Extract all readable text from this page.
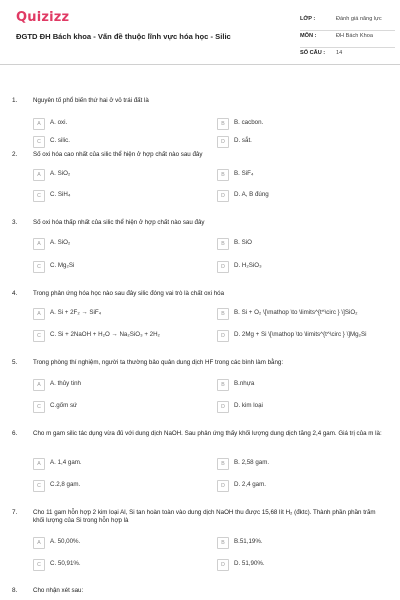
Quizizz
ĐGTD ĐH Bách khoa - Vấn đề thuộc lĩnh vực hóa học - Silic
LỚP :	Đánh giá năng lực
MÔN :	ĐH Bách Khoa
SỐ CÂU : 14
1.	Nguyên tố phổ biến thứ hai ở vỏ trái đất là
A	A. oxi.	B	B. cacbon.
C	C. silic.	D	D. sắt.
2.	Số oxi hóa cao nhất của silic thể hiện ở hợp chất nào sau đây
A	A. SiO₂	B	B. SiF₄
C	C. SiH₄	D	D. A, B đúng
3.	Số oxi hóa thấp nhất của silic thể hiện ở hợp chất nào sau đây
A	A. SiO₂	B	B. SiO
C	C. Mg₂Si	D	D. H₂SiO₃
4.	Trong phản ứng hóa học nào sau đây silic đóng vai trò là chất oxi hóa
A	A. Si + 2F₂ → SiF₄	B	B. Si + O₂ \[\mathop \to \limits^{t^\circ } \]SiO₂
C	C. Si + 2NaOH + H₂O → Na₂SiO₃ + 2H₂	D	D. 2Mg + Si \[\mathop \to \limits^{t^\circ } \]Mg₂Si
5.	Trong phòng thí nghiệm, người ta thường bảo quản dung dịch HF trong các bình làm bằng:
A	A. thủy tinh	B	B.nhựa
C	C.gốm sứ	D	D. kim loại
6.	Cho m gam silic tác dụng vừa đủ với dung dịch NaOH. Sau phản ứng thấy khối lượng dung dịch tăng 2,4 gam. Giá trị của m là:
A	A. 1,4 gam.	B	B. 2,58 gam.
C	C.2,8 gam.	D	D. 2,4 gam.
7.	Cho 11 gam hỗn hợp 2 kim loại Al, Si tan hoàn toàn vào dung dịch NaOH thu được 15,68 lít H₂ (đktc). Thành phần phần trăm khối lượng của Si trong hỗn hợp là
A	A. 50,00%.	B	B.51,19%.
C	C. 50,91%.	D	D. 51,90%.
8.	Cho nhận xét sau:
